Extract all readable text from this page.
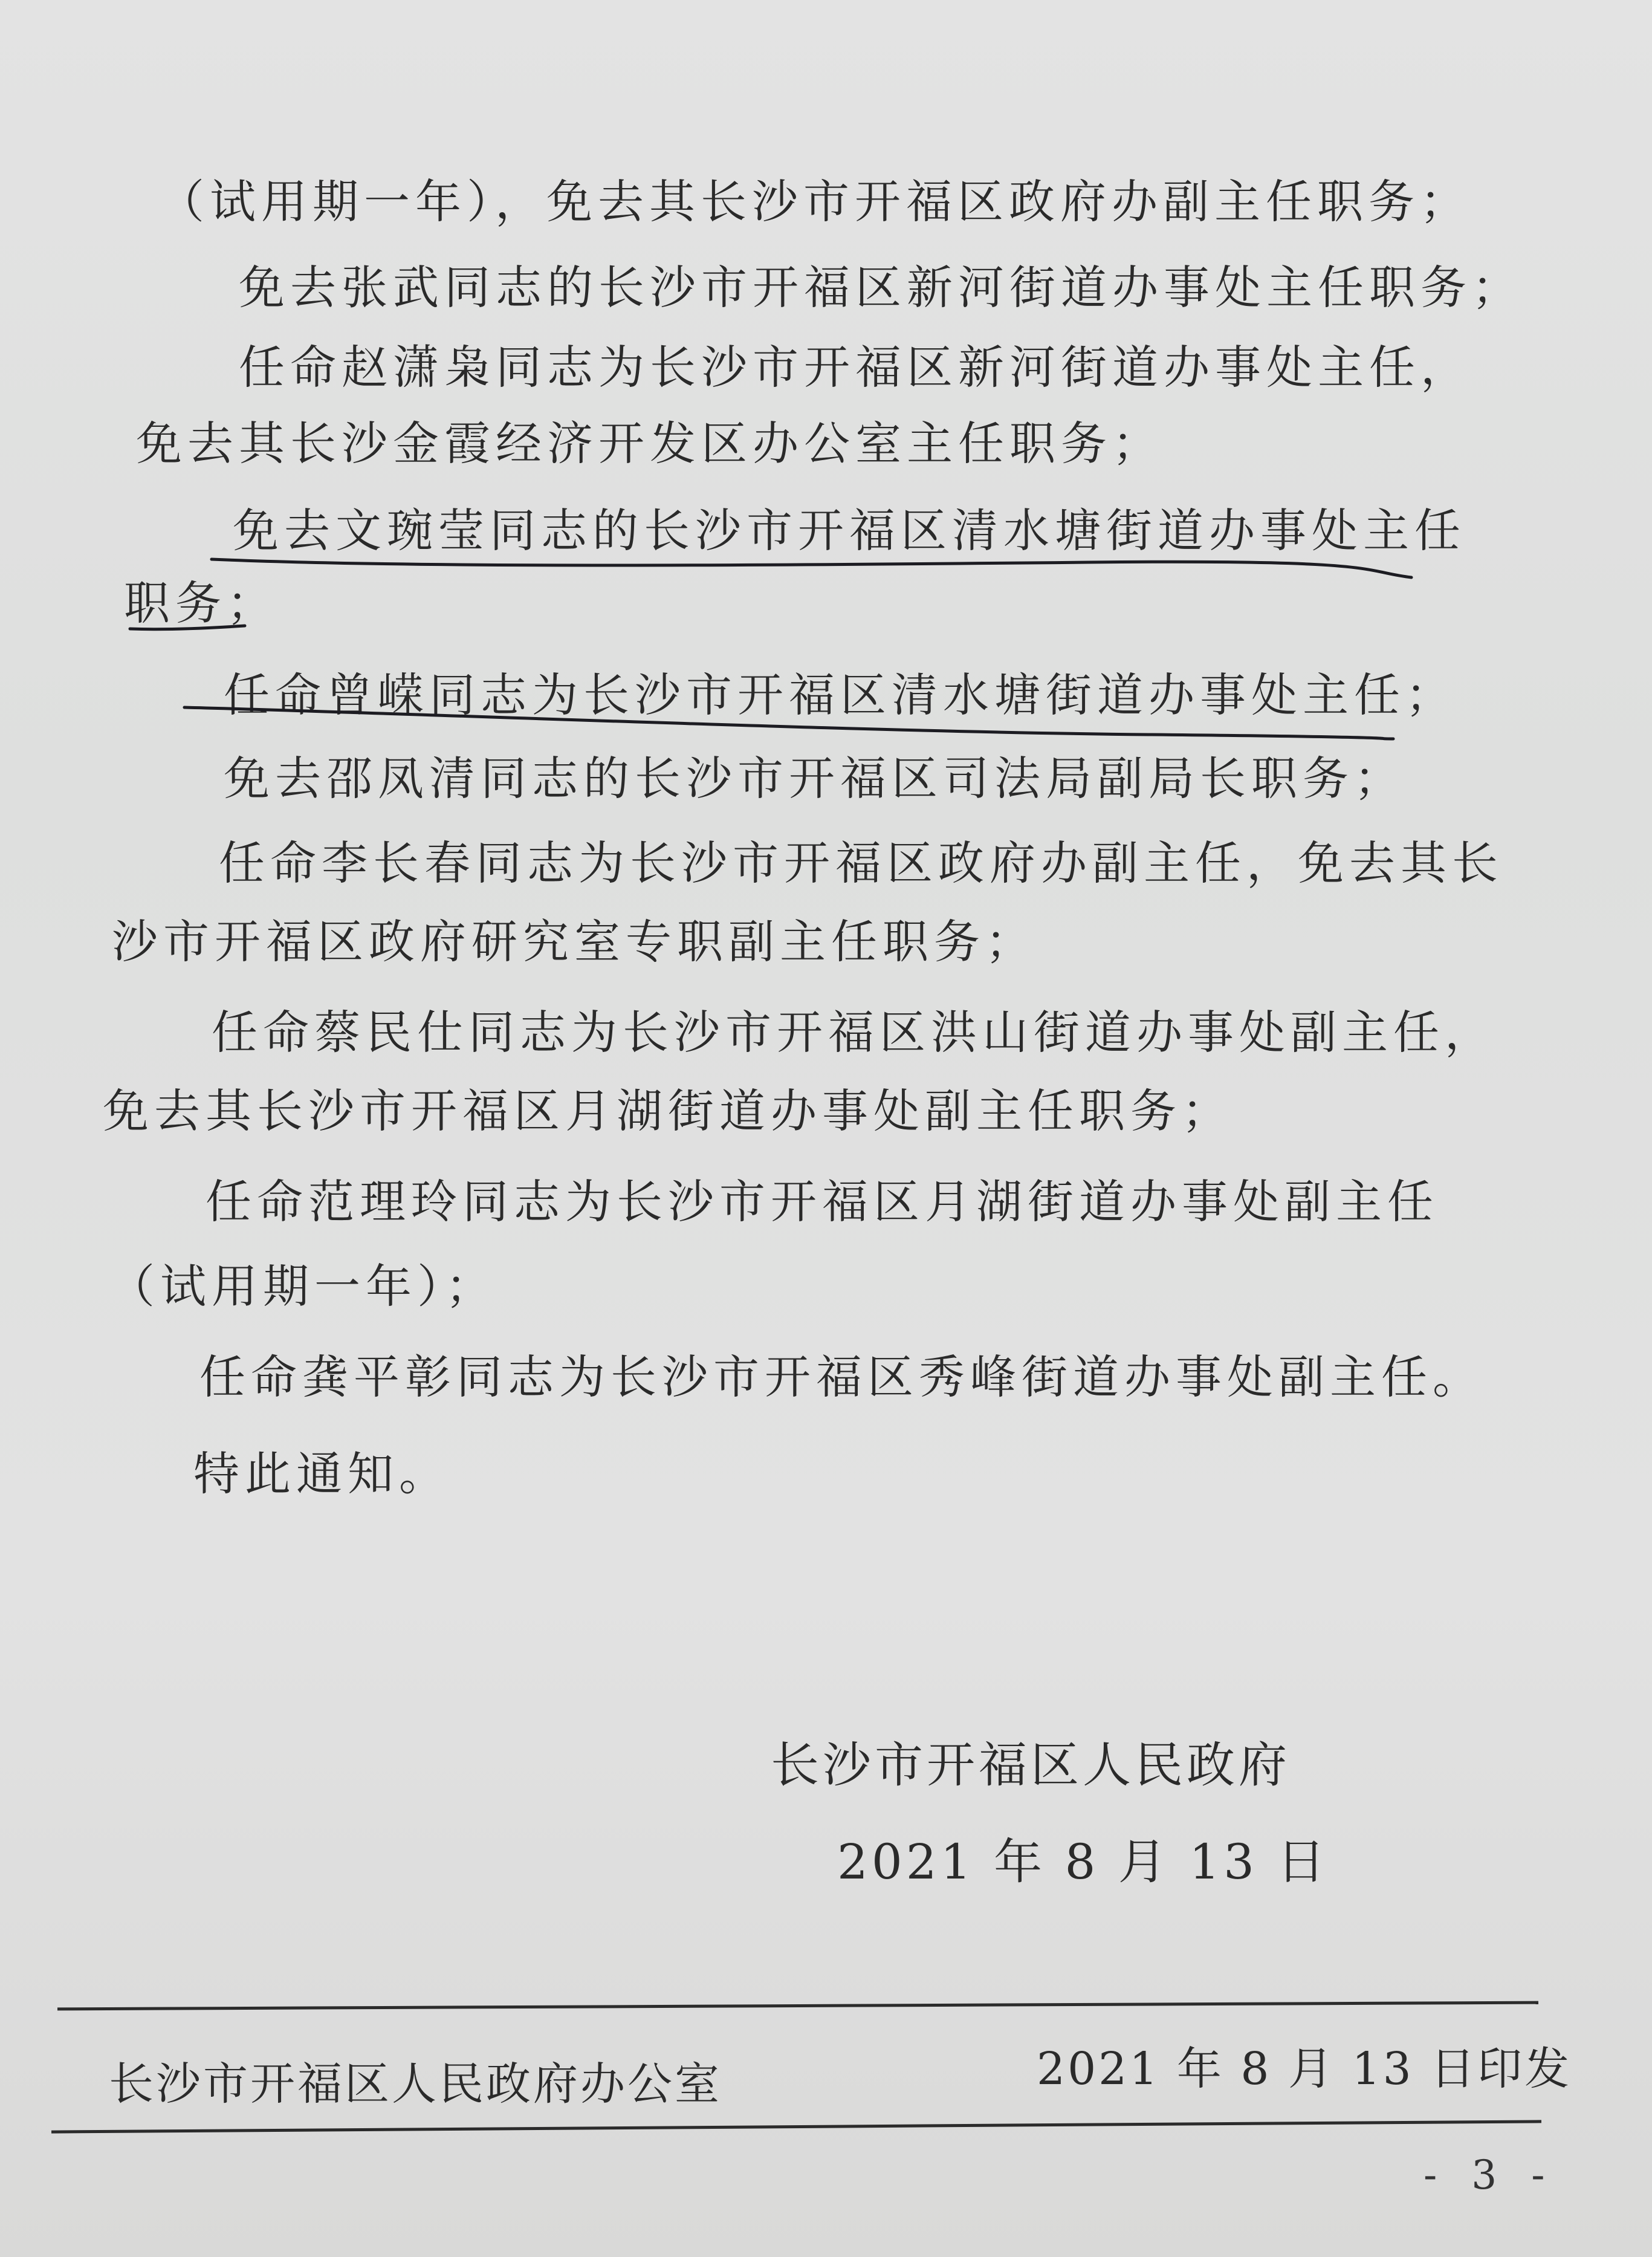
（试用期一年），免去其长沙市开福区政府办副主任职务；
免去张武同志的长沙市开福区新河街道办事处主任职务；
任命赵潇枭同志为长沙市开福区新河街道办事处主任，
免去其长沙金霞经济开发区办公室主任职务；
免去文琬莹同志的长沙市开福区清水塘街道办事处主任
职务；
任命曾嵘同志为长沙市开福区清水塘街道办事处主任；
免去邵凤清同志的长沙市开福区司法局副局长职务；
任命李长春同志为长沙市开福区政府办副主任，免去其长
沙市开福区政府研究室专职副主任职务；
任命蔡民仕同志为长沙市开福区洪山街道办事处副主任，
免去其长沙市开福区月湖街道办事处副主任职务；
任命范理玲同志为长沙市开福区月湖街道办事处副主任
（试用期一年）；
任命龚平彰同志为长沙市开福区秀峰街道办事处副主任。
特此通知。
长沙市开福区人民政府
2021 年 8 月 13 日
长沙市开福区人民政府办公室	2021 年 8 月 13 日印发
- 3 -
